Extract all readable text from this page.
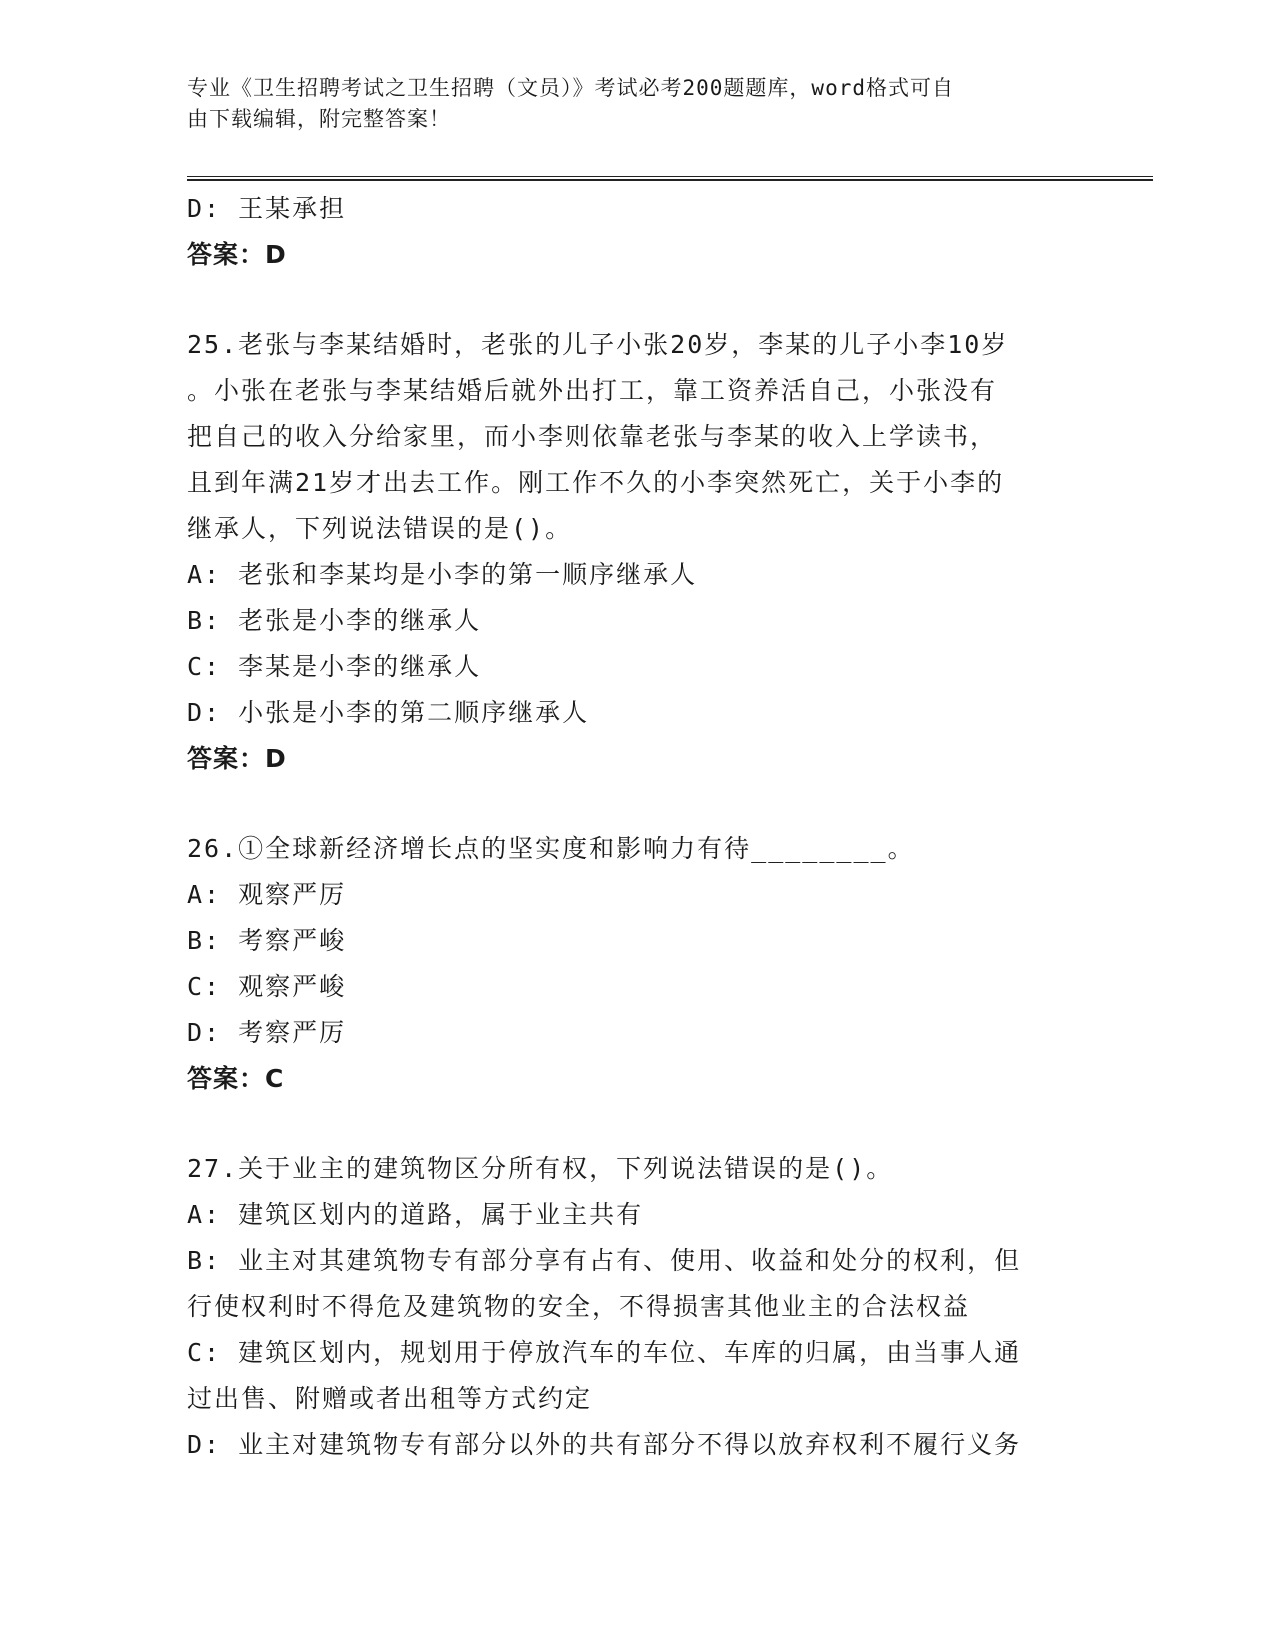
专业《卫生招聘考试之卫生招聘（文员）》考试必考200题题库，word格式可自
由下载编辑，附完整答案！
D: 王某承担
答案：D
25.老张与李某结婚时，老张的儿子小张20岁，李某的儿子小李10岁
。小张在老张与李某结婚后就外出打工，靠工资养活自己，小张没有
把自己的收入分给家里，而小李则依靠老张与李某的收入上学读书，
且到年满21岁才出去工作。刚工作不久的小李突然死亡，关于小李的
继承人，下列说法错误的是()。
A: 老张和李某均是小李的第一顺序继承人
B: 老张是小李的继承人
C: 李某是小李的继承人
D: 小张是小李的第二顺序继承人
答案：D
26.①全球新经济增长点的坚实度和影响力有待________。
A: 观察严厉
B: 考察严峻
C: 观察严峻
D: 考察严厉
答案：C
27.关于业主的建筑物区分所有权，下列说法错误的是()。
A: 建筑区划内的道路，属于业主共有
B: 业主对其建筑物专有部分享有占有、使用、收益和处分的权利，但
行使权利时不得危及建筑物的安全，不得损害其他业主的合法权益
C: 建筑区划内，规划用于停放汽车的车位、车库的归属，由当事人通
过出售、附赠或者出租等方式约定
D: 业主对建筑物专有部分以外的共有部分不得以放弃权利不履行义务
